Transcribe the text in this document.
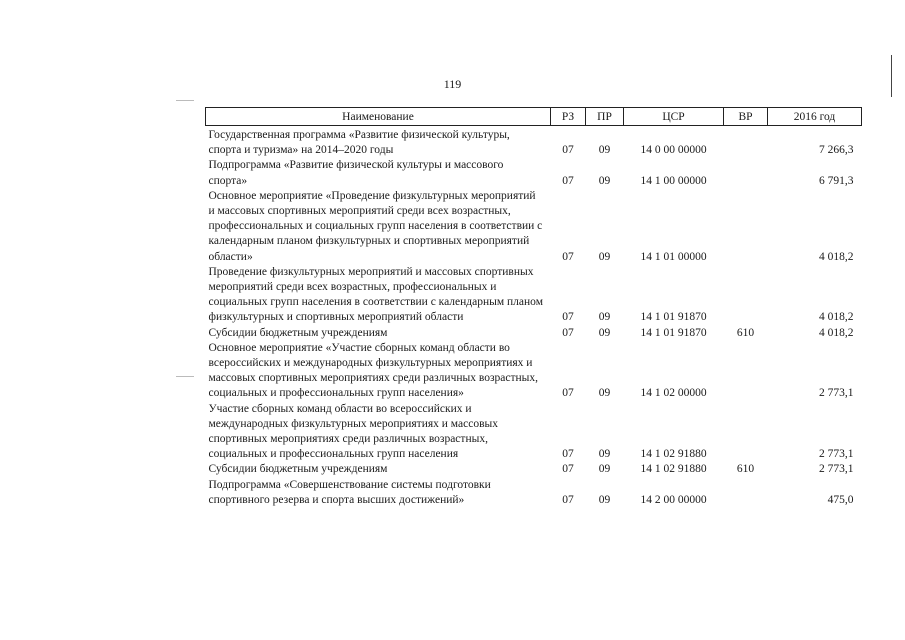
119
Наименование	РЗ	ПР	ЦСР	ВР	2016 год
Государственная программа «Развитие физической культуры, спорта и туризма» на 2014–2020 годы	07	09	14 0 00 00000		7 266,3
Подпрограмма «Развитие физической культуры и массового спорта»	07	09	14 1 00 00000		6 791,3
Основное мероприятие «Проведение физкультурных мероприятий и массовых спортивных мероприятий среди всех возрастных, профессиональных и социальных групп населения в соответствии с календарным планом физкультурных и спортивных мероприятий области»	07	09	14 1 01 00000		4 018,2
Проведение физкультурных мероприятий и массовых спортивных мероприятий среди всех возрастных, профессиональных и социальных групп населения в соответствии с календарным планом физкультурных и спортивных мероприятий области	07	09	14 1 01 91870		4 018,2
Субсидии бюджетным учреждениям	07	09	14 1 01 91870	610	4 018,2
Основное мероприятие «Участие сборных команд области во всероссийских и международных физкультурных мероприятиях и массовых спортивных мероприятиях среди различных возрастных, социальных и профессиональных групп населения»	07	09	14 1 02 00000		2 773,1
Участие сборных команд области во всероссийских и международных физкультурных мероприятиях и массовых спортивных мероприятиях среди различных возрастных, социальных и профессиональных групп населения	07	09	14 1 02 91880		2 773,1
Субсидии бюджетным учреждениям	07	09	14 1 02 91880	610	2 773,1
Подпрограмма «Совершенствование системы подготовки спортивного резерва и спорта высших достижений»	07	09	14 2 00 00000		475,0
